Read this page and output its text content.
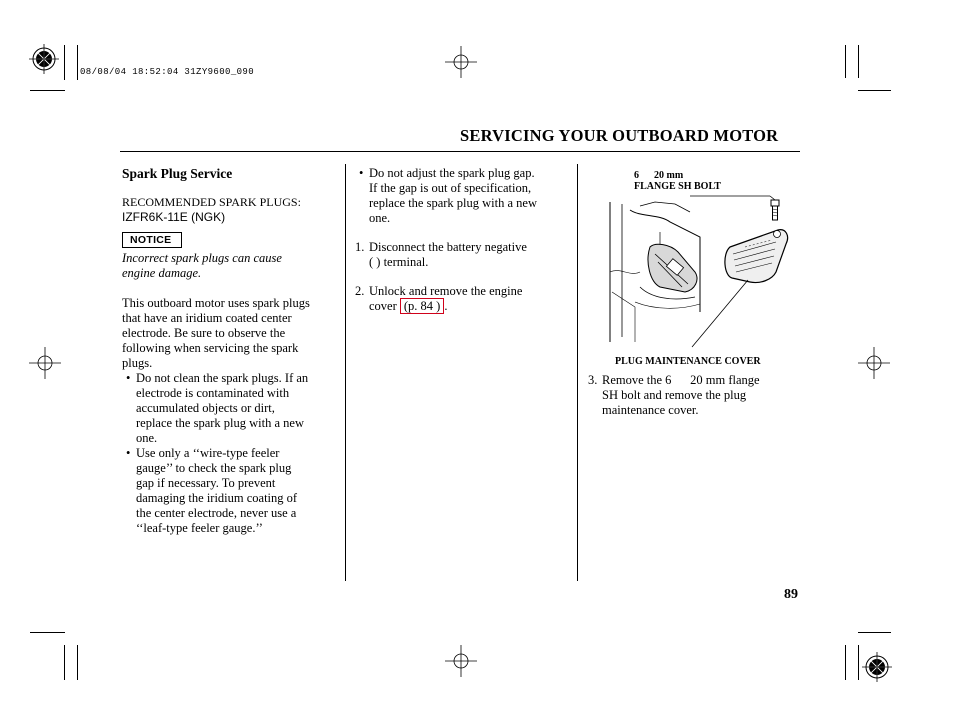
08/08/04 18:52:04 31ZY9600_090
SERVICING YOUR OUTBOARD MOTOR
Spark Plug Service
RECOMMENDED SPARK PLUGS:
IZFR6K-11E (NGK)
NOTICE
Incorrect spark plugs can cause
engine damage.
This outboard motor uses spark plugs
that have an iridium coated center
electrode. Be sure to observe the
following when servicing the spark
plugs.
• Do not clean the spark plugs. If an
electrode is contaminated with
accumulated objects or dirt,
replace the spark plug with a new
one.
• Use only a ‘‘wire-type feeler
gauge’’ to check the spark plug
gap if necessary. To prevent
damaging the iridium coating of
the center electrode, never use a
‘‘leaf-type feeler gauge.’’
• Do not adjust the spark plug gap.
If the gap is out of specification,
replace the spark plug with a new
one.
1. Disconnect the battery negative
( ) terminal.
2. Unlock and remove the engine
cover (p. 84 ) .
6      20 mm
FLANGE SH BOLT
PLUG MAINTENANCE COVER
3. Remove the 6      20 mm flange
SH bolt and remove the plug
maintenance cover.
89
